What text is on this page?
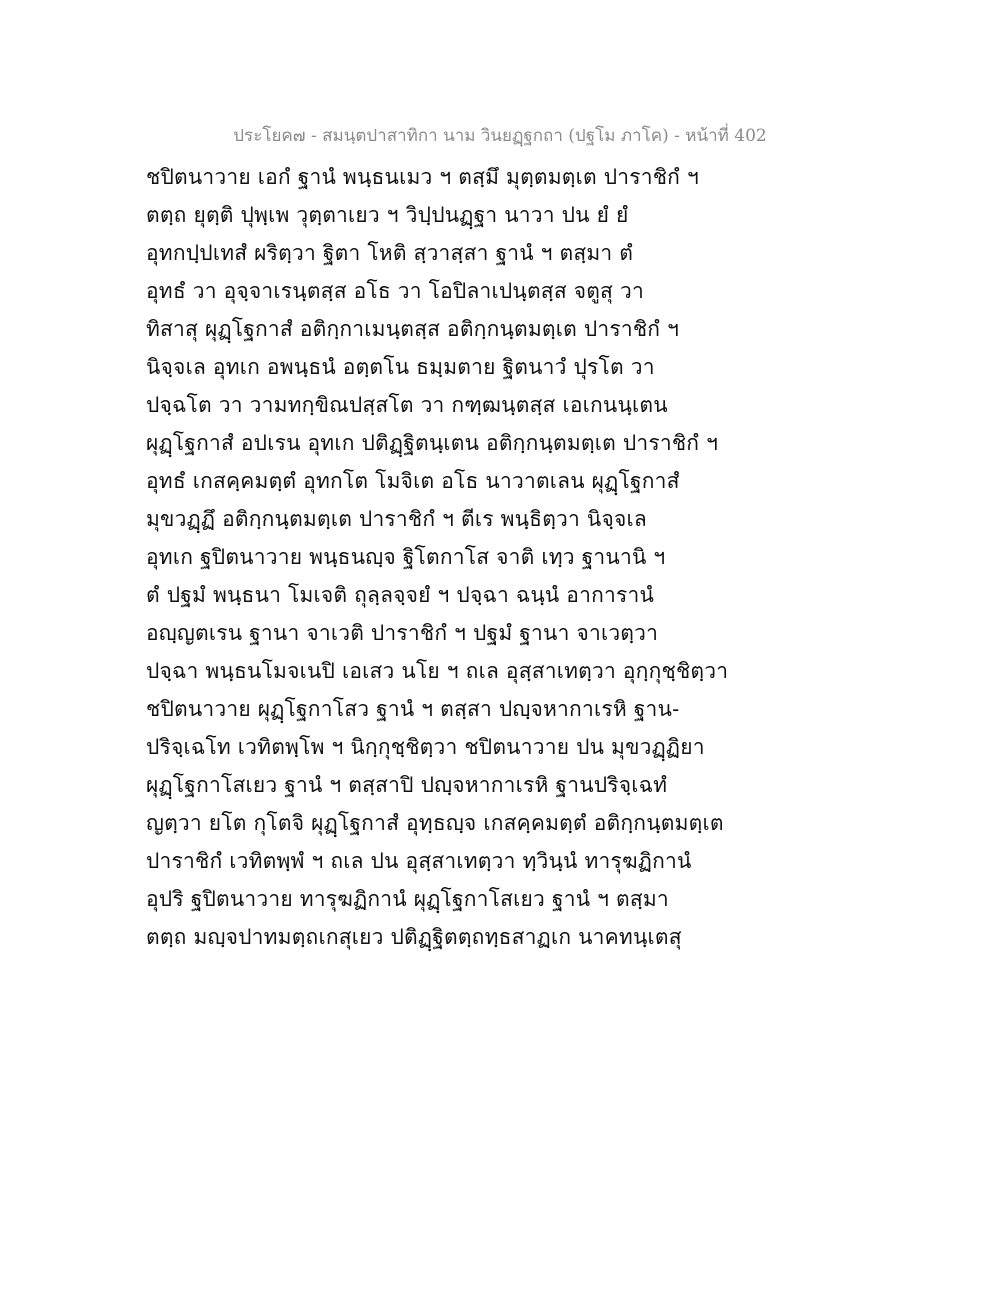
ประโยค๗ - สมนฺตปาสาทิกา นาม วินยฏฺฐกถา (ปฐโม ภาโค) - หน้าที่ 402
ชปิตนาวาย เอกํ ฐานํ พนฺธนเมว ฯ ตสฺมึ มุตฺตมตฺเต ปาราชิกํ ฯ
ตตฺถ ยุตฺติ ปุพฺเพ วุตฺตาเยว ฯ วิปฺปนฏฺฐา นาวา ปน ยํ ยํ
อุทกปฺปเทสํ ผริตฺวา ฐิตา โหติ สฺวาสฺสา ฐานํ ฯ ตสฺมา ตํ
อุทธํ วา อุจฺจาเรนฺตสฺส อโธ วา โอปิลาเปนฺตสฺส จตูสุ วา
ทิสาสุ ผุฏฺโฐกาสํ อติกฺกาเมนฺตสฺส อติกฺกนฺตมตฺเต ปาราชิกํ ฯ
นิจฺจเล อุทเก อพนฺธนํ อตฺตโน ธมฺมตาย ฐิตนาวํ ปุรโต วา
ปจฺฉโต วา วามทกฺขิณปสฺสโต วา กฑฺฒนฺตสฺส เอเกนนฺเตน
ผุฏฺโฐกาสํ อปเรน อุทเก ปติฏฺฐิตนฺเตน อติกฺกนฺตมตฺเต ปาราชิกํ ฯ
อุทธํ เกสคฺคมตฺตํ อุทกโต โมจิเต อโธ นาวาตเลน ผุฏฺโฐกาสํ
มุขวฏฺฏึ อติกฺกนฺตมตฺเต ปาราชิกํ ฯ ตีเร พนฺธิตฺวา นิจฺจเล
อุทเก ฐปิตนาวาย พนฺธนญฺจ ฐิโตกาโส จาติ เทฺว ฐานานิ ฯ
ตํ ปฐมํ พนฺธนา โมเจติ ถุลฺลจฺจยํ ฯ ปจฺฉา ฉนฺนํ อาการานํ
อญฺญตเรน ฐานา จาเวติ ปาราชิกํ ฯ ปฐมํ ฐานา จาเวตฺวา
ปจฺฉา พนฺธนโมจเนปิ เอเสว นโย ฯ ถเล อุสฺสาเทตฺวา อุกฺกุชฺชิตฺวา
ชปิตนาวาย ผุฏฺโฐกาโสว ฐานํ ฯ ตสฺสา ปญฺจหากาเรหิ ฐาน-
ปริจฺเฉโท เวทิตพฺโพ ฯ นิกฺกุชฺชิตฺวา ชปิตนาวาย ปน มุขวฏฺฏิยา
ผุฏฺโฐกาโสเยว ฐานํ ฯ ตสฺสาปิ ปญฺจหากาเรหิ ฐานปริจฺเฉทํ
ญตฺวา ยโต กุโตจิ ผุฏฺโฐกาสํ อุทฺธญฺจ เกสคฺคมตฺตํ อติกฺกนฺตมตฺเต
ปาราชิกํ เวทิตพฺพํ ฯ ถเล ปน อุสฺสาเทตฺวา ทฺวินฺนํ ทารุฆฏิกานํ
อุปริ ฐปิตนาวาย ทารุฆฏิกานํ ผุฏฺโฐกาโสเยว ฐานํ ฯ ตสฺมา
ตตฺถ มญฺจปาทมตฺถเกสุเยว ปติฏฺฐิตตฺถทฺธสาฏเก นาคทนฺเตสุ
